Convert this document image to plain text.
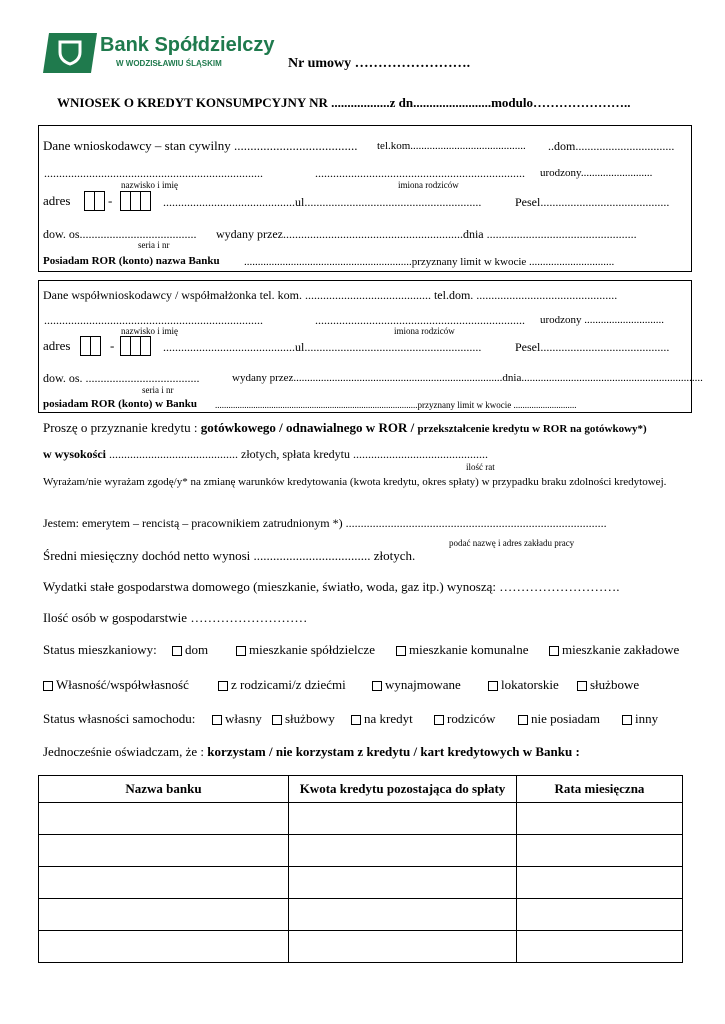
Bank Spółdzielczy
W WODZISŁAWIU ŚLĄSKIM	Nr umowy …………………….
WNIOSEK O KREDYT KONSUMPCYJNY NR ..................z dn........................modulo…………………..
Dane wnioskodawcy – stan cywilny ...................................... tel.kom.......................................... ..dom.................................
.........................................................................	...................................................................... urodzony..........................
nazwisko i imię	imiona rodziców
adres	-	............................................ul...........................................................	Pesel...........................................
dow. os....................................... wydany przez............................................................dnia ..................................................
seria i nr
Posiadam ROR (konto) nazwa Banku .............................................................przyznany limit w kwocie ...............................
Dane współwnioskodawcy / współmałżonka tel. kom. .......................................... tel.dom. ...............................................
.........................................................................	...................................................................... urodzony .............................
nazwisko i imię	imiona rodziców
adres	-	............................................ul...........................................................	Pesel...........................................
dow. os. ......................................	wydany przez............................................................................dnia..................................................................
seria i nr
posiadam ROR (konto) w Banku ..........................................................................................przyznany limit w kwocie ............................
Proszę o przyznanie kredytu : gotówkowego / odnawialnego w ROR / przekształcenie kredytu w ROR na gotówkowy*)
w wysokości ........................................... złotych, spłata kredytu .............................................
ilość rat
Wyrażam/nie wyrażam zgodę/y* na zmianę warunków kredytowania (kwota kredytu, okres spłaty) w przypadku braku zdolności kredytowej.
Jestem: emerytem – rencistą – pracownikiem zatrudnionym *) .......................................................................................
podać nazwę i adres zakładu pracy
Średni miesięczny dochód netto wynosi .................................... złotych.
Wydatki stałe gospodarstwa domowego (mieszkanie, światło, woda, gaz itp.) wynoszą: ……………………….
Ilość osób w gospodarstwie ………………………
Status mieszkaniowy:	dom	mieszkanie spółdzielcze	mieszkanie komunalne	mieszkanie zakładowe
Własność/współwłasność	z rodzicami/z dziećmi	wynajmowane	lokatorskie	służbowe
Status własności samochodu:	własny	służbowy	na kredyt	rodziców	nie posiadam	inny
Jednocześnie oświadczam, że : korzystam / nie korzystam z kredytu / kart kredytowych w Banku :
Nazwa banku	Kwota kredytu pozostająca do spłaty	Rata miesięczna
